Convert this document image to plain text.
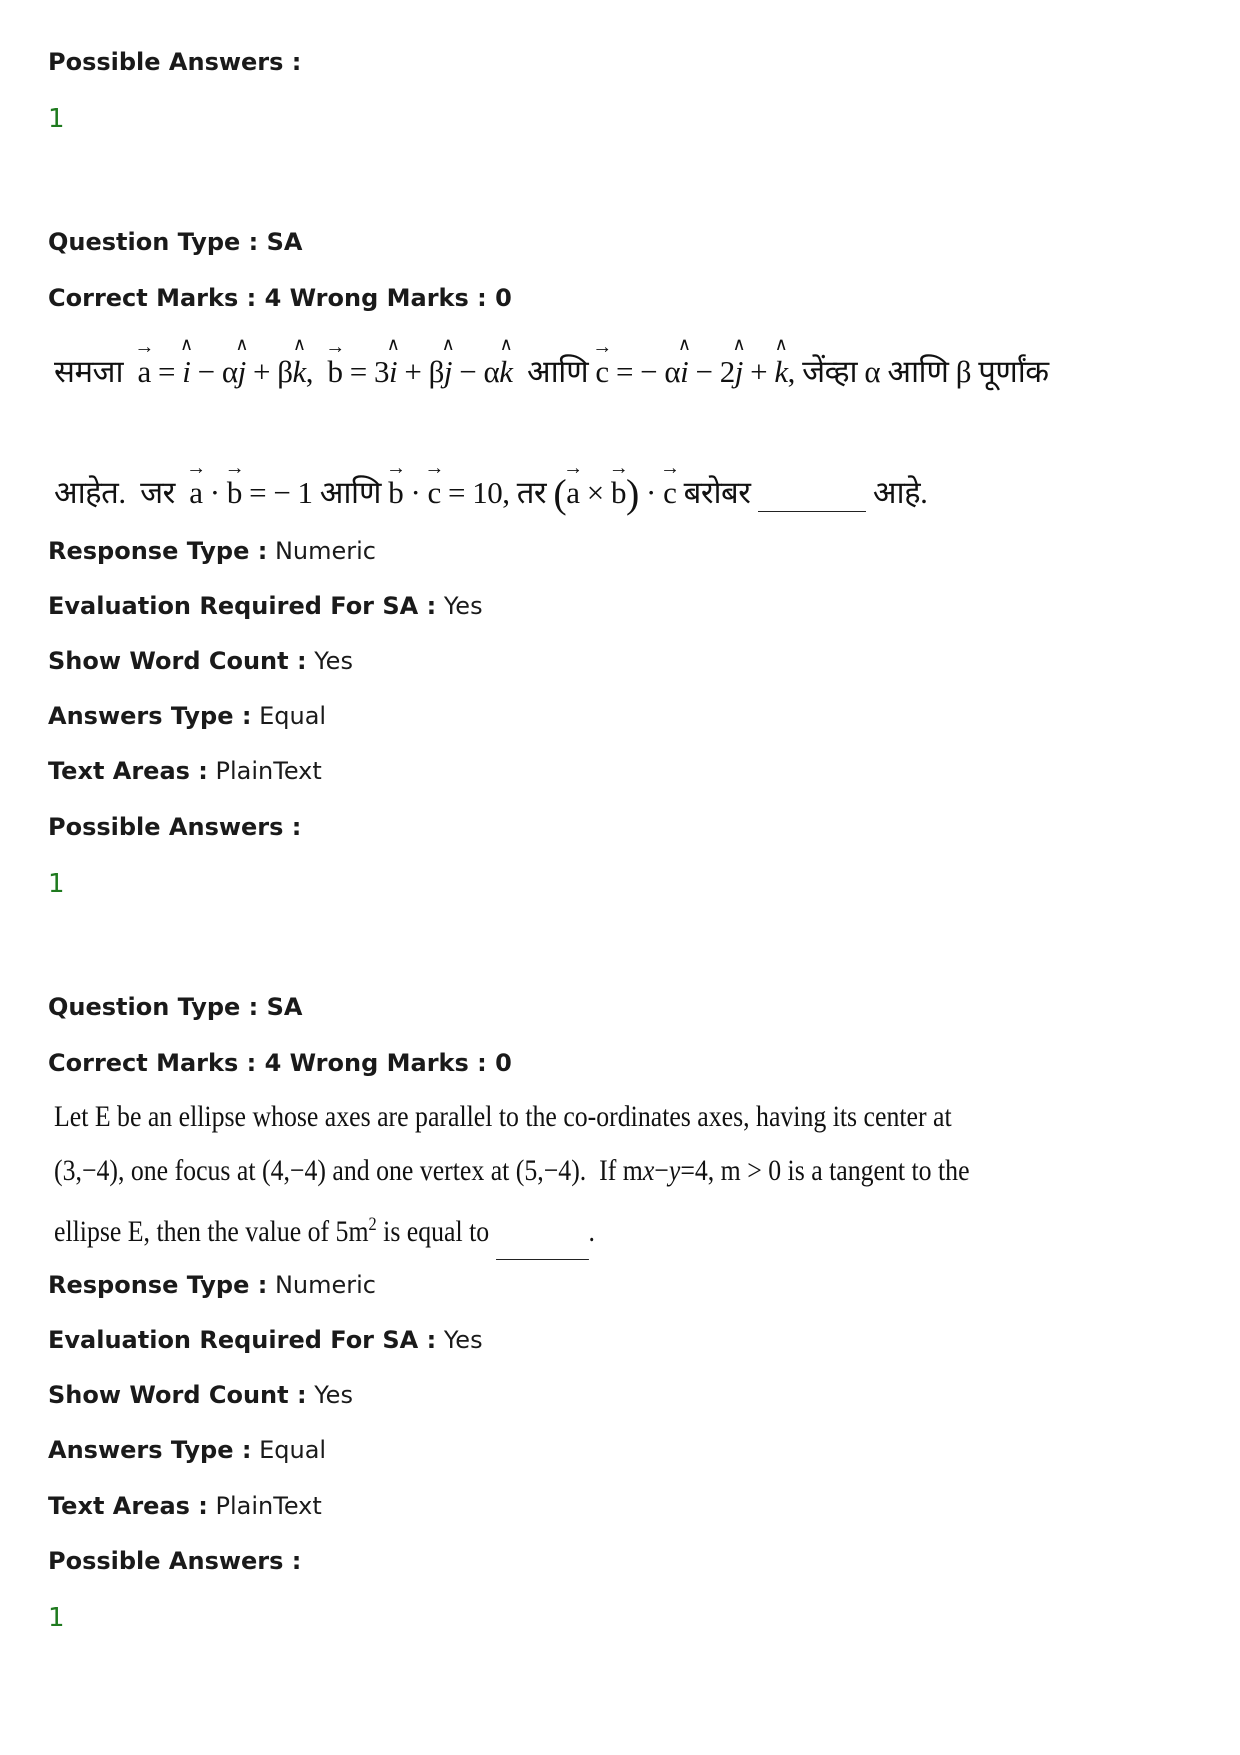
Possible Answers :
1
Question Type : SA
Correct Marks : 4 Wrong Marks : 0
समजा  → a = ∧ i − α∧ j + β∧ k,  → b = 3∧ i + β∧ j − α∧ k  आणि → c = − α∧ i − 2∧ j + ∧ k, जेंव्हा α आणि β पूर्णांक
आहेत.  जर  → a · → b = − 1 आणि → b · → c = 10, तर (→ a × → b) · → c बरोबर	आहे.
Response Type : Numeric
Evaluation Required For SA : Yes
Show Word Count : Yes
Answers Type : Equal
Text Areas : PlainText
Possible Answers :
1
Question Type : SA
Correct Marks : 4 Wrong Marks : 0
Let E be an ellipse whose axes are parallel to the co-ordinates axes, having its center at
(3,−4), one focus at (4,−4) and one vertex at (5,−4).  If mx−y=4, m > 0 is a tangent to the
ellipse E, then the value of $5m^2$ is equal to	.
Response Type : Numeric
Evaluation Required For SA : Yes
Show Word Count : Yes
Answers Type : Equal
Text Areas : PlainText
Possible Answers :
1
